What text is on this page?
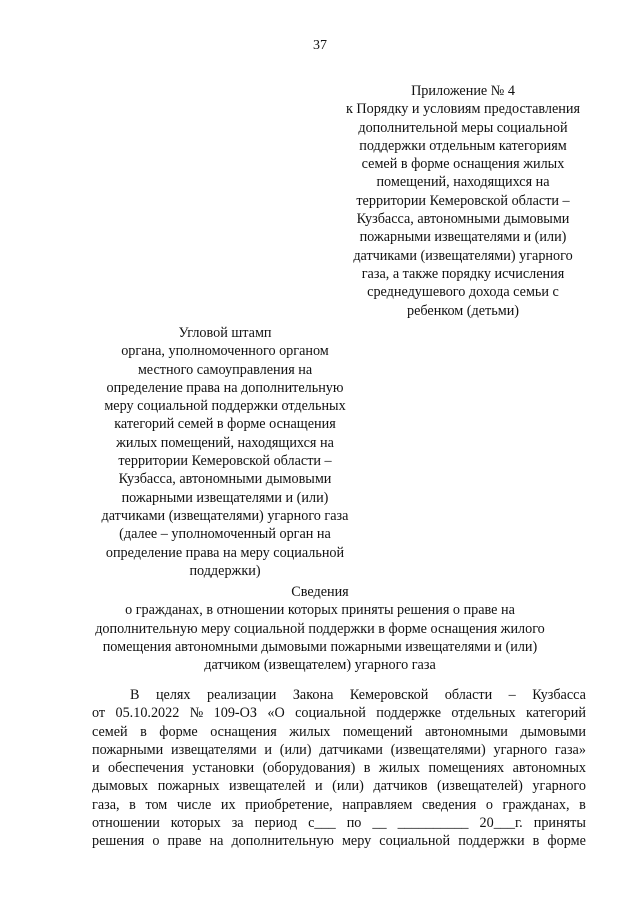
37
Приложение № 4
к Порядку и условиям предоставления
дополнительной меры социальной
поддержки отдельным категориям
семей в форме оснащения жилых
помещений, находящихся на
территории Кемеровской области –
Кузбасса, автономными дымовыми
пожарными извещателями и (или)
датчиками (извещателями) угарного
газа, а также порядку исчисления
среднедушевого дохода семьи с
ребенком (детьми)
Угловой штамп
органа, уполномоченного органом
местного самоуправления на
определение права на дополнительную
меру социальной поддержки отдельных
категорий семей в форме оснащения
жилых помещений, находящихся на
территории Кемеровской области –
Кузбасса, автономными дымовыми
пожарными извещателями и (или)
датчиками (извещателями) угарного газа
(далее – уполномоченный орган на
определение права на меру социальной
поддержки)
Сведения
о гражданах, в отношении которых приняты решения о праве на
дополнительную меру социальной поддержки в форме оснащения жилого
помещения автономными дымовыми пожарными извещателями и (или)
датчиком (извещателем) угарного газа
В целях реализации Закона Кемеровской области – Кузбасса
от 05.10.2022 № 109-ОЗ «О социальной поддержке отдельных категорий
семей в форме оснащения жилых помещений автономными дымовыми
пожарными извещателями и (или) датчиками (извещателями) угарного газа»
и обеспечения установки (оборудования) в жилых помещениях автономных
дымовых пожарных извещателей и (или) датчиков (извещателей) угарного
газа, в том числе их приобретение, направляем сведения о гражданах, в
отношении которых за период с___ по __ __________ 20___г. приняты
решения о праве на дополнительную меру социальной поддержки в форме
